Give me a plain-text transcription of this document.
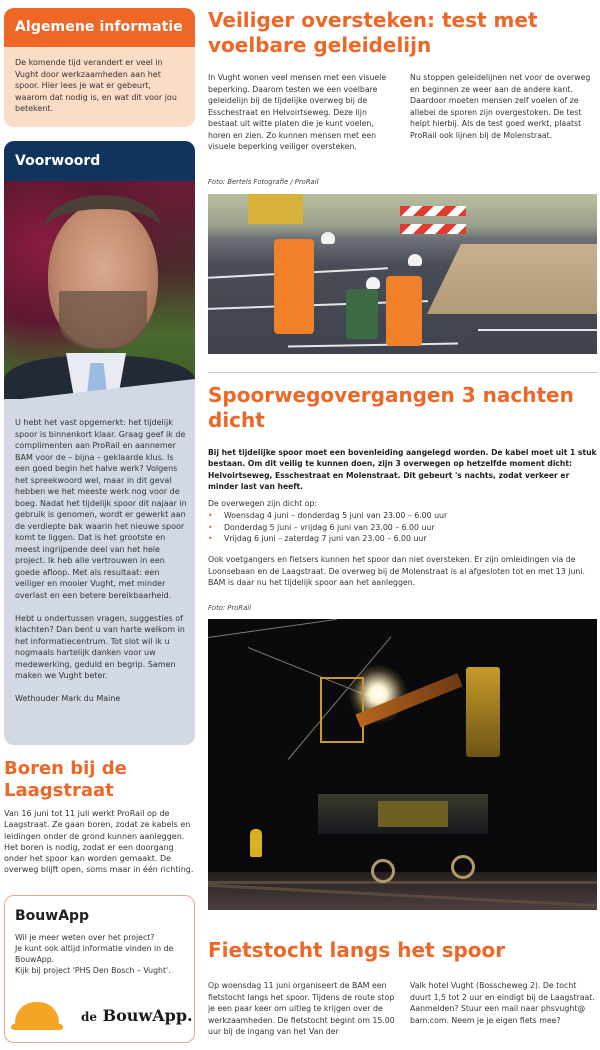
Algemene informatie
De komende tijd verandert er veel in Vught door werkzaamheden aan het spoor. Hier lees je wat er gebeurt, waarom dat nodig is, en wat dit voor jou betekent.
Voorwoord

U hebt het vast opgemerkt: het tijdelijk spoor is binnenkort klaar. Graag geef ik de complimenten aan ProRail en aannemer BAM voor de – bijna – geklaarde klus. Is een goed begin het halve werk? Volgens het spreekwoord wel, maar in dit geval hebben we het meeste werk nog voor de boeg. Nadat het tijdelijk spoor dit najaar in gebruik is genomen, wordt er gewerkt aan de verdiepte bak waarin het nieuwe spoor komt te liggen. Dat is het grootste en meest ingrijpende deel van het hele project. Ik heb alle vertrouwen in een goede afloop. Met als resultaat: een veiliger en mooier Vught, met minder overlast en een betere bereikbaarheid.

Hebt u ondertussen vragen, suggesties of klachten? Dan bent u van harte welkom in het informatiecentrum. Tot slot wil ik u nogmaals hartelijk danken voor uw medewerking, geduld en begrip. Samen maken we Vught beter.

Wethouder Mark du Maine

Boren bij de Laagstraat

Van 16 juni tot 11 juli werkt ProRail op de Laagstraat. Ze gaan boren, zodat ze kabels en leidingen onder de grond kunnen aanleggen. Het boren is nodig, zodat er een doorgang onder het spoor kan worden gemaakt. De overweg blijft open, soms maar in één richting.

BouwApp

Wil je meer weten over het project?
Je kunt ook altijd informatie vinden in de BouwApp.
Kijk bij project 'PHS Den Bosch – Vught'.

de BouwApp.
Veiliger oversteken: test met voelbare geleidelijn
In Vught wonen veel mensen met een visuele beperking. Daarom testen we een voelbare geleidelijn bij de tijdelijke overweg bij de Esschestraat en Helvoirtseweg. Deze lijn bestaat uit witte platen die je kunt voelen, horen en zien. Zo kunnen mensen met een visuele beperking veiliger oversteken.
Nu stoppen geleidelijnen net voor de overweg en beginnen ze weer aan de andere kant. Daardoor moeten mensen zelf voelen of ze allebei de sporen zijn overgestoken. De test helpt hierbij. Als de test goed werkt, plaatst ProRail ook lijnen bij de Molenstraat.
Foto: Bertels Fotografie / ProRail
Spoorwegovergangen 3 nachten dicht

Bij het tijdelijke spoor moet een bovenleiding aangelegd worden. De kabel moet uit 1 stuk bestaan. Om dit veilig te kunnen doen, zijn 3 overwegen op hetzelfde moment dicht: Helvoirtseweg, Esschestraat en Molenstraat. Dit gebeurt 's nachts, zodat verkeer er minder last van heeft.

De overwegen zijn dicht op:

• Woensdag 4 juni – donderdag 5 juni van 23.00 – 6.00 uur
• Donderdag 5 juni – vrijdag 6 juni van 23.00 – 6.00 uur
• Vrijdag 6 juni – zaterdag 7 juni van 23.00 – 6.00 uur

Ook voetgangers en fietsers kunnen het spoor dan niet oversteken. Er zijn omleidingen via de Loonsebaan en de Laagstraat. De overweg bij de Molenstraat is al afgesloten tot en met 13 juni. BAM is daar nu het tijdelijk spoor aan het aanleggen.

Foto: ProRail
Fietstocht langs het spoor
Op woensdag 11 juni organiseert de BAM een fietstocht langs het spoor. Tijdens de route stop je een paar keer om uitleg te krijgen over de werkzaamheden. De fietstocht begint om 15.00 uur bij de ingang van het Van der
Valk hotel Vught (Bosscheweg 2). De tocht duurt 1,5 tot 2 uur en eindigt bij de Laagstraat. Aanmelden? Stuur een mail naar phsvught@ bam.com. Neem je je eigen fiets mee?
